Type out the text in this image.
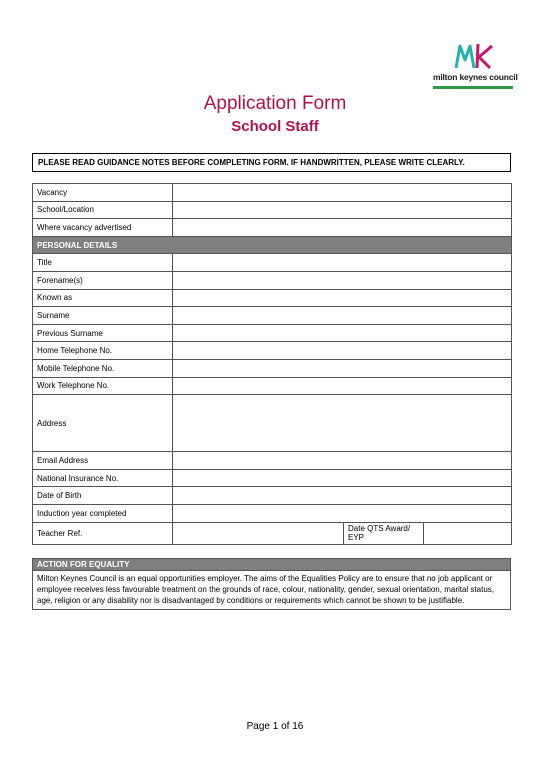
milton keynes council
Application Form
School Staff
PLEASE READ GUIDANCE NOTES BEFORE COMPLETING FORM. IF HANDWRITTEN, PLEASE WRITE CLEARLY.
Vacancy			
School/Location			
Where vacancy advertised			
PERSONAL DETAILS			
Title			
Forename(s)			
Known as			
Surname			
Previous Surname			
Home Telephone No.			
Mobile Telephone No.			
Work Telephone No.			
Address			
Email Address			
National Insurance No.			
Date of Birth			
Induction year completed			
Teacher Ref.		Date QTS Award/ EYP	
ACTION FOR EQUALITY
Milton Keynes Council is an equal opportunities employer. The aims of the Equalities Policy are to ensure that no job applicant or employee receives less favourable treatment on the grounds of race, colour, nationality, gender, sexual orientation, marital status, age, religion or any disability nor is disadvantaged by conditions or requirements which cannot be shown to be justifiable.
Page 1 of 16
